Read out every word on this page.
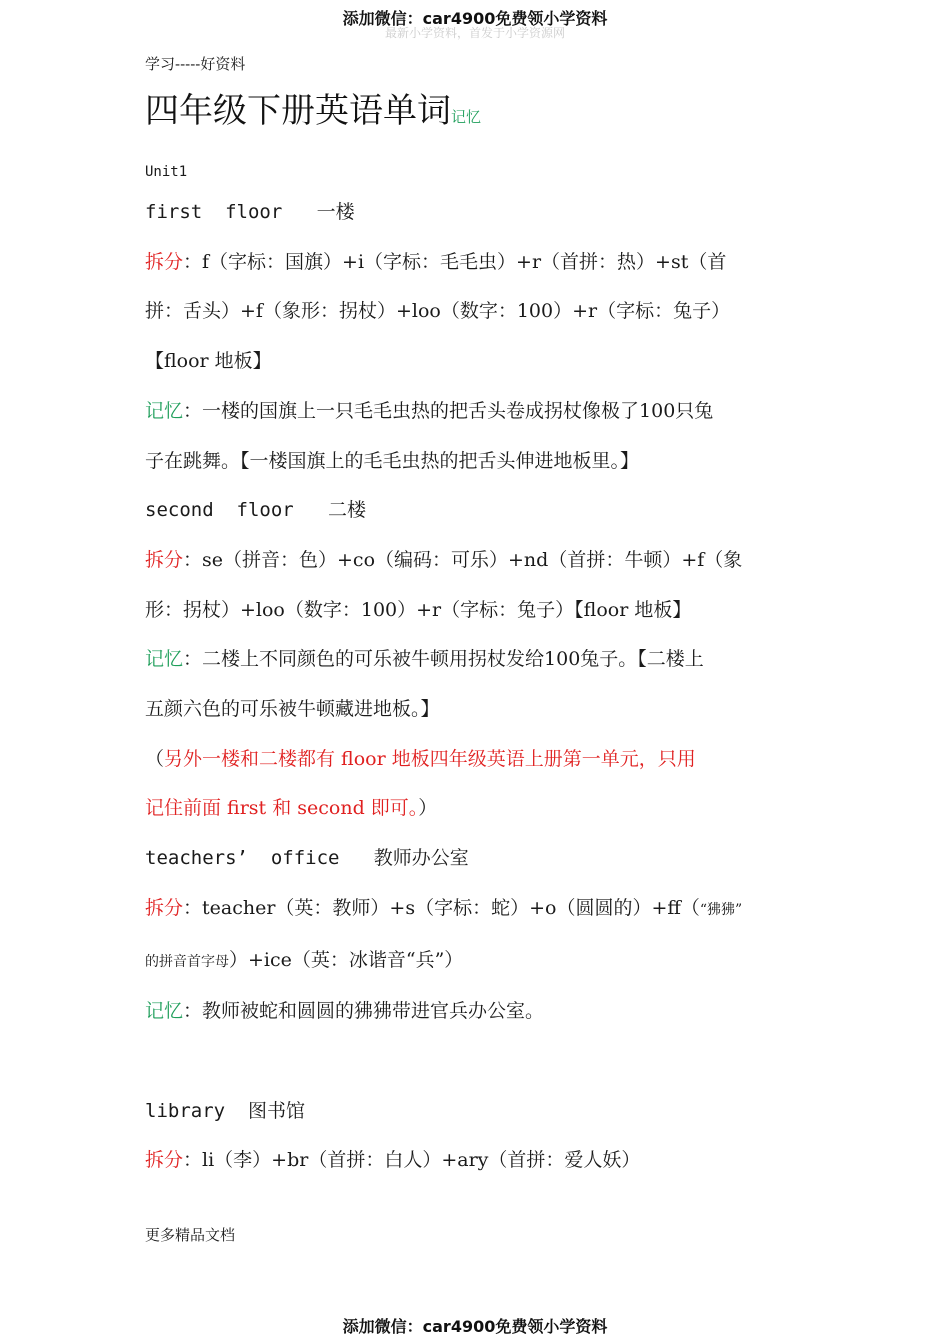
添加微信：car4900免费领小学资料
最新小学资料，首发于小学资源网
学习-----好资料
四年级下册英语单词记忆
Unit1

first  floor   一楼

拆分：f（字标：国旗）+i（字标：毛毛虫）+r（首拼：热）+st（首

拼：舌头）+f（象形：拐杖）+loo（数字：100）+r（字标：兔子）

【floor 地板】

记忆：一楼的国旗上一只毛毛虫热的把舌头卷成拐杖像极了100只兔

子在跳舞。【一楼国旗上的毛毛虫热的把舌头伸进地板里。】

second  floor   二楼

拆分：se（拼音：色）+co（编码：可乐）+nd（首拼：牛顿）+f（象

形：拐杖）+loo（数字：100）+r（字标：兔子）【floor 地板】

记忆：二楼上不同颜色的可乐被牛顿用拐杖发给100兔子。【二楼上

五颜六色的可乐被牛顿藏进地板。】

（另外一楼和二楼都有 floor 地板四年级英语上册第一单元，只用

记住前面 first 和 second 即可。）

teachers’  office   教师办公室

拆分：teacher（英：教师）+s（字标：蛇）+o（圆圆的）+ff（“狒狒”

的拼音首字母）+ice（英：冰谐音“兵”）

记忆：教师被蛇和圆圆的狒狒带进官兵办公室。

library  图书馆

拆分：li（李）+br（首拼：白人）+ary（首拼：爱人妖）

更多精品文档
添加微信：car4900免费领小学资料
